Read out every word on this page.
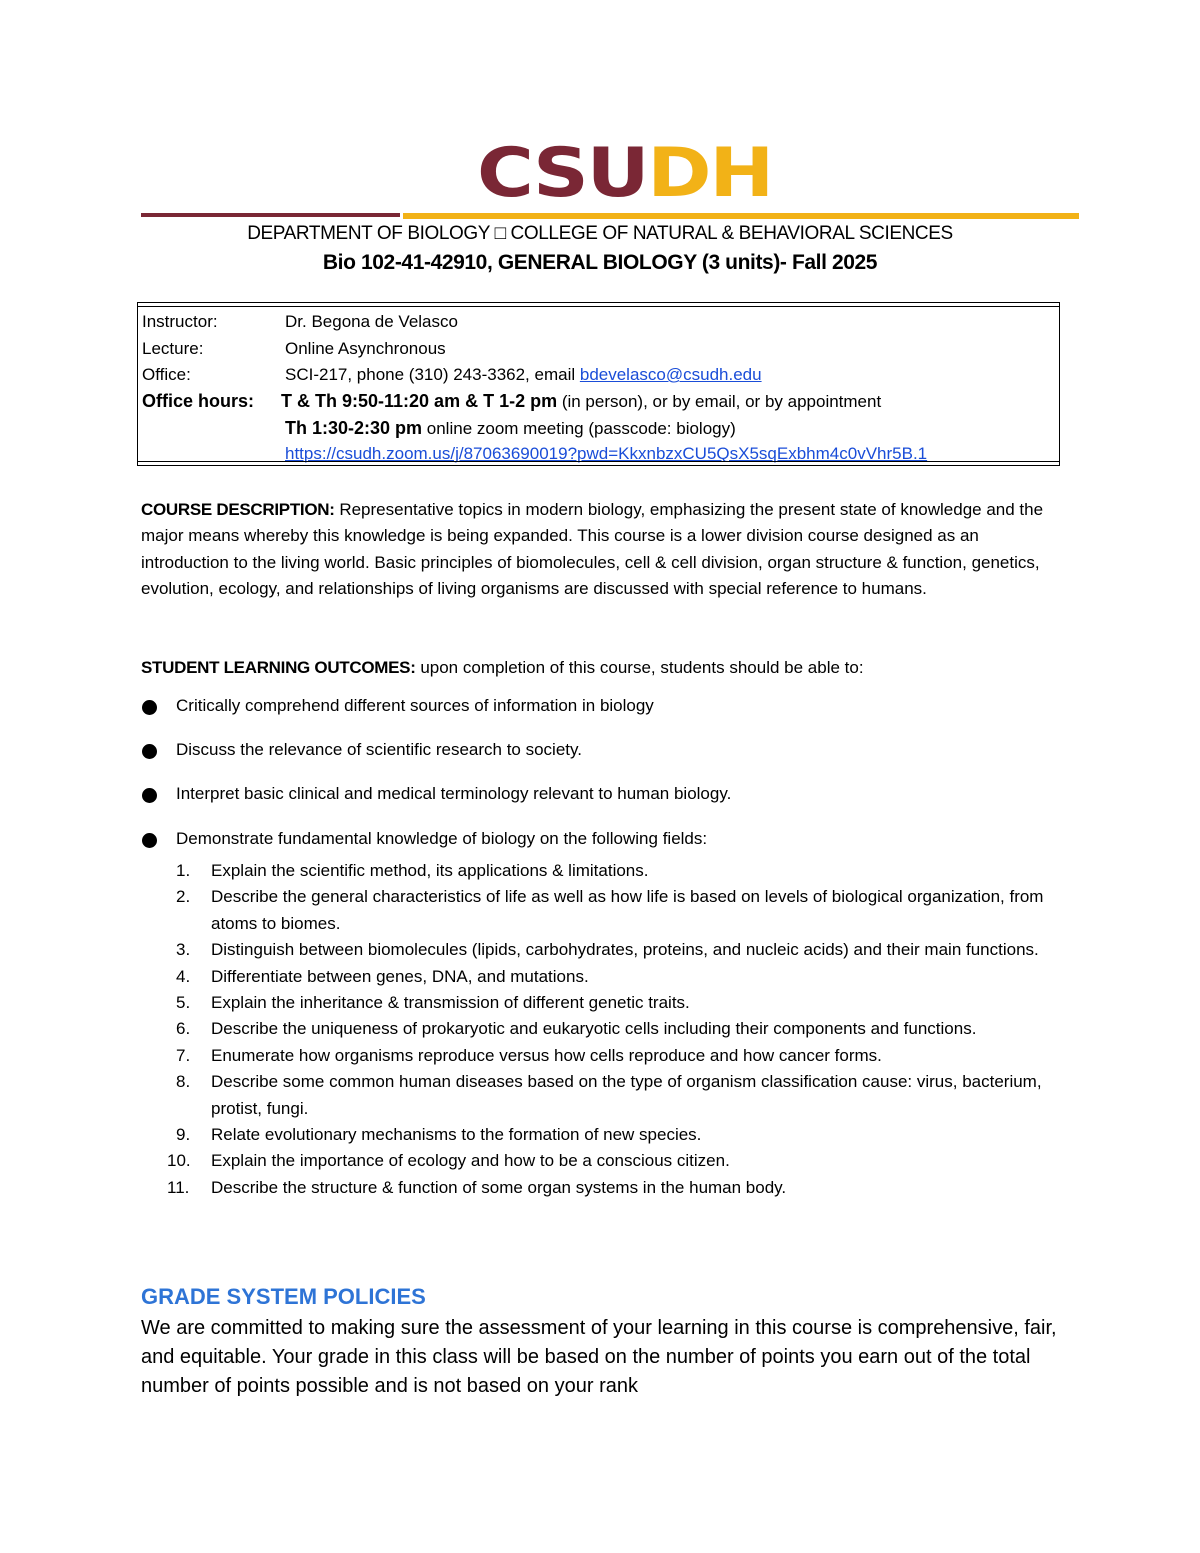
CSUDH
DEPARTMENT OF BIOLOGY □ COLLEGE OF NATURAL & BEHAVIORAL SCIENCES
Bio 102-41-42910, GENERAL BIOLOGY (3 units)- Fall 2025
Instructor:	Dr. Begona de Velasco
Lecture:	Online Asynchronous
Office:	SCI-217, phone (310) 243-3362, email bdevelasco@csudh.edu
Office hours: T & Th 9:50-11:20 am & T 1-2 pm (in person), or by email, or by appointment
Th 1:30-2:30 pm online zoom meeting (passcode: biology)
https://csudh.zoom.us/j/87063690019?pwd=KkxnbzxCU5QsX5sqExbhm4c0vVhr5B.1
COURSE DESCRIPTION: Representative topics in modern biology, emphasizing the present state of knowledge and the major means whereby this knowledge is being expanded. This course is a lower division course designed as an introduction to the living world. Basic principles of biomolecules, cell & cell division, organ structure & function, genetics, evolution, ecology, and relationships of living organisms are discussed with special reference to humans.
STUDENT LEARNING OUTCOMES: upon completion of this course, students should be able to:
Critically comprehend different sources of information in biology
Discuss the relevance of scientific research to society.
Interpret basic clinical and medical terminology relevant to human biology.
Demonstrate fundamental knowledge of biology on the following fields:
1. Explain the scientific method, its applications & limitations.
2. Describe the general characteristics of life as well as how life is based on levels of biological organization, from atoms to biomes.
3. Distinguish between biomolecules (lipids, carbohydrates, proteins, and nucleic acids) and their main functions.
4. Differentiate between genes, DNA, and mutations.
5. Explain the inheritance & transmission of different genetic traits.
6. Describe the uniqueness of prokaryotic and eukaryotic cells including their components and functions.
7. Enumerate how organisms reproduce versus how cells reproduce and how cancer forms.
8. Describe some common human diseases based on the type of organism classification cause: virus, bacterium, protist, fungi.
9. Relate evolutionary mechanisms to the formation of new species.
10. Explain the importance of ecology and how to be a conscious citizen.
11. Describe the structure & function of some organ systems in the human body.
GRADE SYSTEM POLICIES
We are committed to making sure the assessment of your learning in this course is comprehensive, fair, and equitable. Your grade in this class will be based on the number of points you earn out of the total number of points possible and is not based on your rank
